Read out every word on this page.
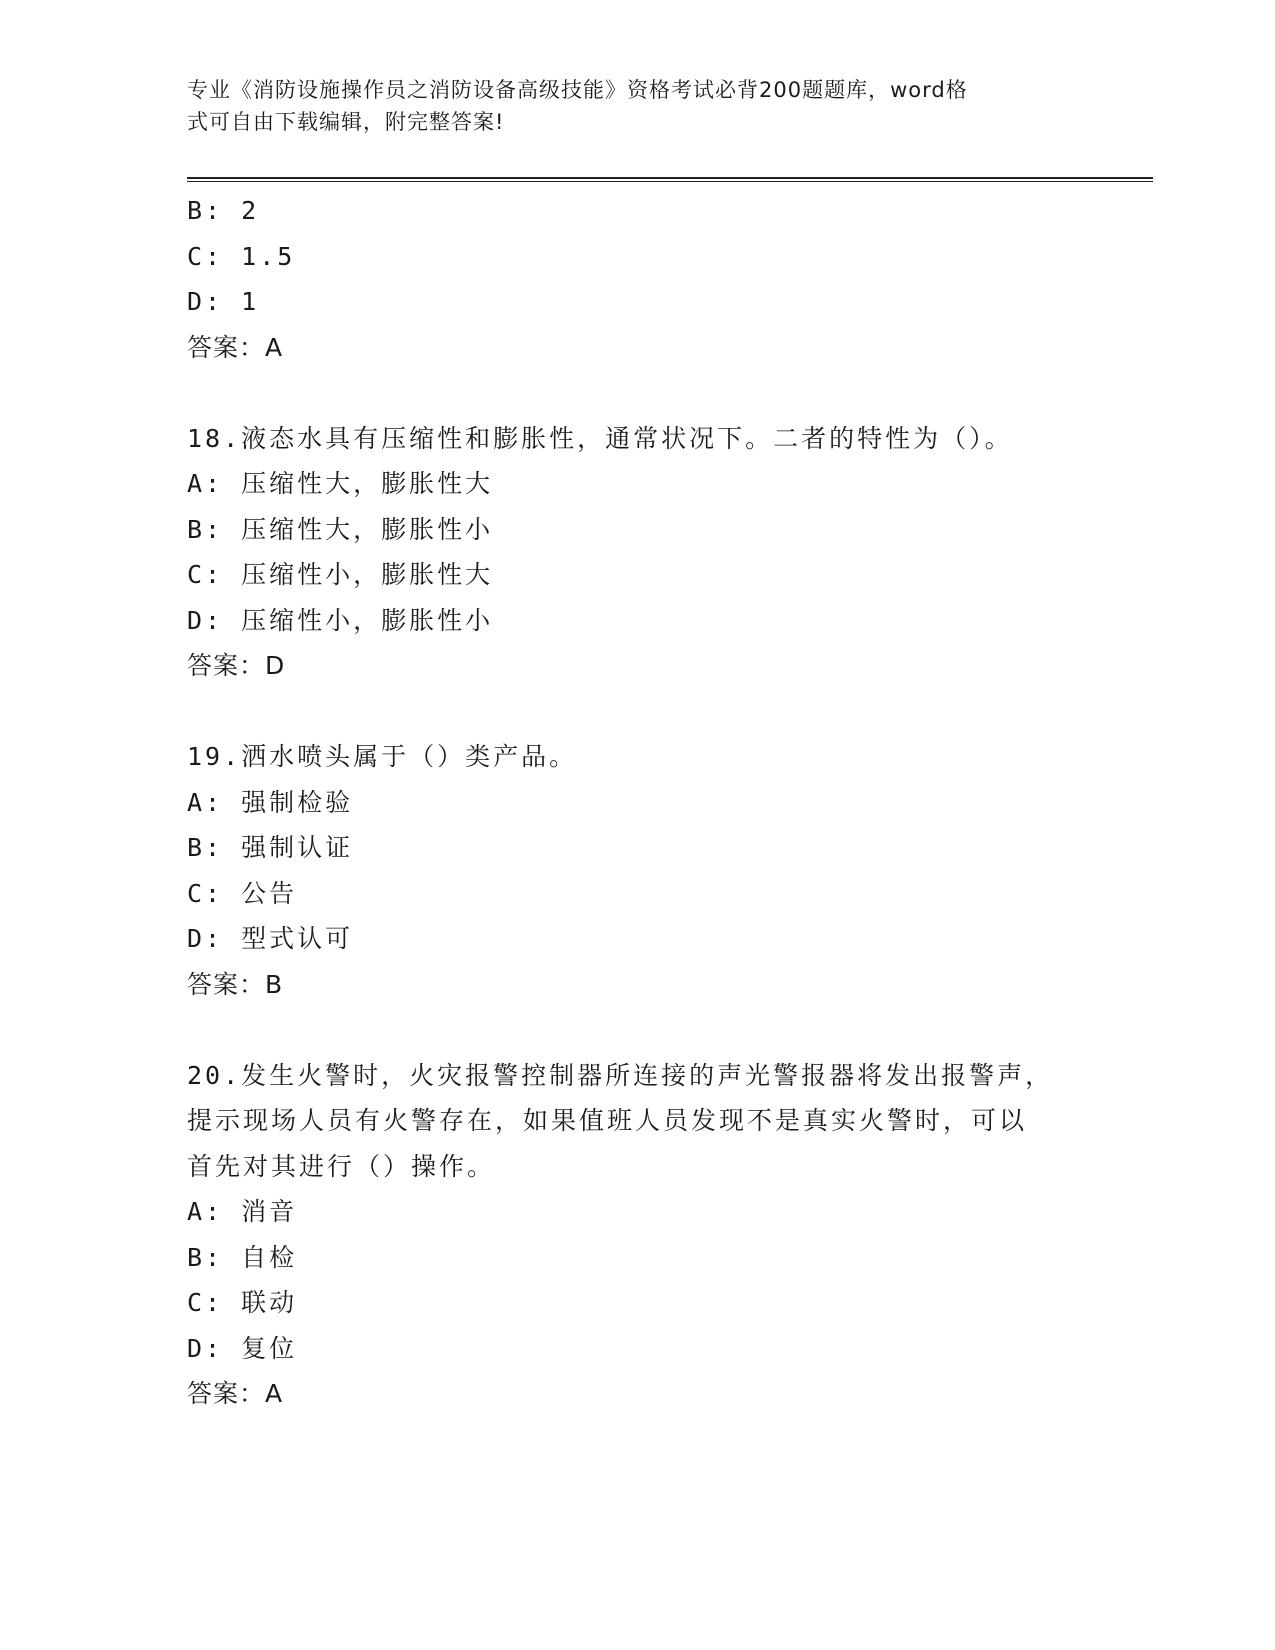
专业《消防设施操作员之消防设备高级技能》资格考试必背200题题库，word格
式可自由下载编辑，附完整答案!

B: 2

C: 1.5

D: 1

答案：A

18.液态水具有压缩性和膨胀性，通常状况下。二者的特性为（）。

A: 压缩性大，膨胀性大

B: 压缩性大，膨胀性小

C: 压缩性小，膨胀性大

D: 压缩性小，膨胀性小

答案：D

19.洒水喷头属于（）类产品。

A: 强制检验

B: 强制认证

C: 公告

D: 型式认可

答案：B

20.发生火警时，火灾报警控制器所连接的声光警报器将发出报警声，

提示现场人员有火警存在，如果值班人员发现不是真实火警时，可以

首先对其进行（）操作。

A: 消音

B: 自检

C: 联动

D: 复位

答案：A
